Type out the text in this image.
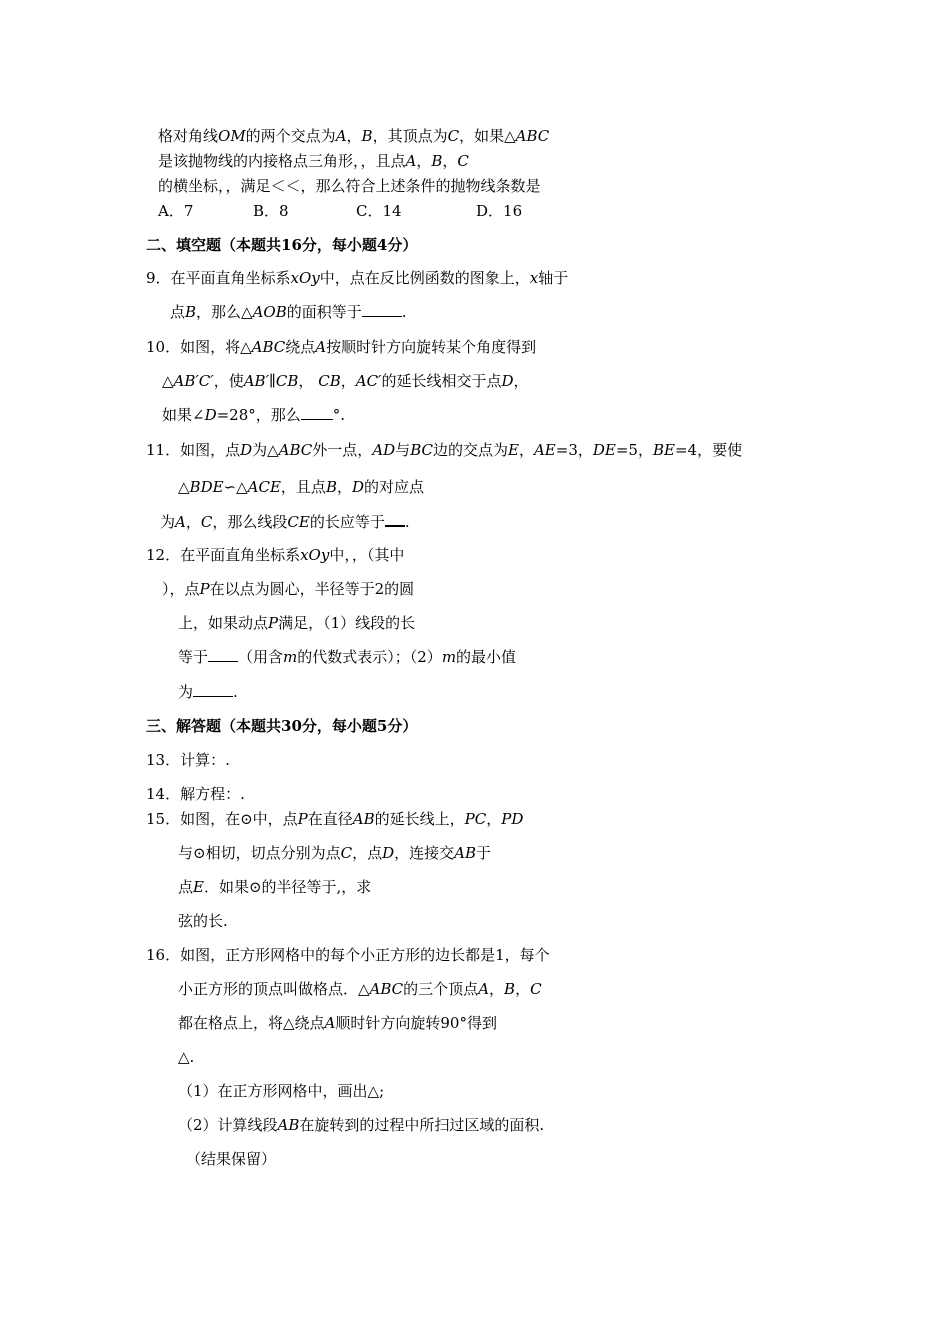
格对角线OM的两个交点为A，B，其顶点为C，如果△ABC
是该抛物线的内接格点三角形，，且点A，B，C
的横坐标，，满足＜＜，那么符合上述条件的抛物线条数是
A．7	B．8	C．14	D．16
二、填空题（本题共16分，每小题4分）
9．在平面直角坐标系xOy中，点在反比例函数的图象上，x轴于
点B，那么△AOB的面积等于	.
10．如图，将△ABC绕点A按顺时针方向旋转某个角度得到
△AB′C′，使AB′∥CB， CB，AC′的延长线相交于点D，
如果∠D=28°，那么 °.
11．如图，点D为△ABC外一点，AD与BC边的交点为E，AE=3，DE=5，BE=4，要使
△BDE∽△ACE，且点B，D的对应点
为A，C，那么线段CE的长应等于 .
12．在平面直角坐标系xOy中，，（其中
），点P在以点为圆心，半径等于2的圆
上，如果动点P满足，（1）线段的长
等于 （用含m的代数式表示）；（2）m的最小值
为	.
三、解答题（本题共30分，每小题5分）
13．计算：.
14．解方程：.
15．如图，在⊙中，点P在直径AB的延长线上，PC，PD
与⊙相切，切点分别为点C，点D，连接交AB于
点E．如果⊙的半径等于,，求
弦的长.
16．如图，正方形网格中的每个小正方形的边长都是1，每个
小正方形的顶点叫做格点．△ABC的三个顶点A，B，C
都在格点上，将△绕点A顺时针方向旋转90°得到
△.
（1）在正方形网格中，画出△;
（2）计算线段AB在旋转到的过程中所扫过区域的面积.
（结果保留）
